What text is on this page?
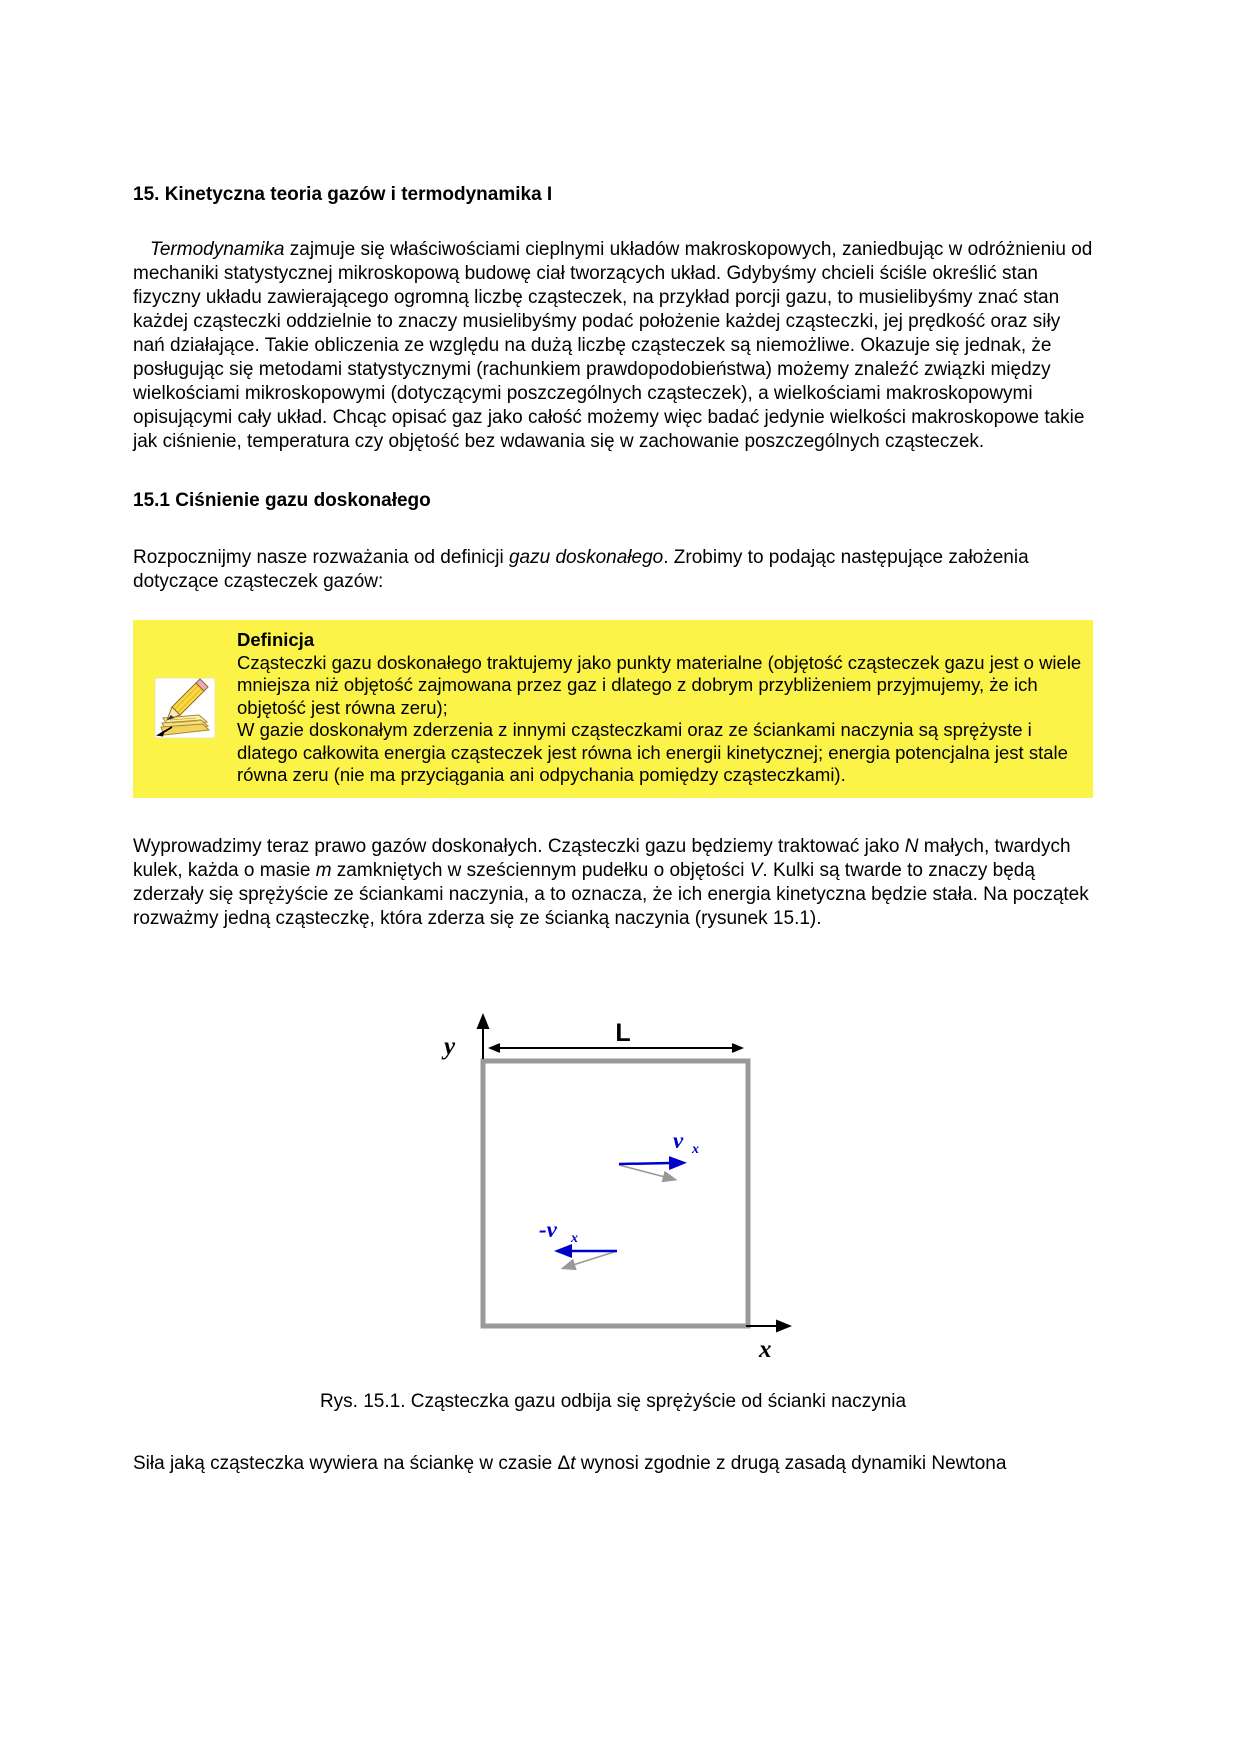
15. Kinetyczna teoria gazów i termodynamika I

Termodynamika zajmuje się właściwościami cieplnymi układów makroskopowych, zaniedbując w odróżnieniu od mechaniki statystycznej mikroskopową budowę ciał tworzących układ. Gdybyśmy chcieli ściśle określić stan fizyczny układu zawierającego ogromną liczbę cząsteczek, na przykład porcji gazu, to musielibyśmy znać stan każdej cząsteczki oddzielnie to znaczy musielibyśmy podać położenie każdej cząsteczki, jej prędkość oraz siły nań działające. Takie obliczenia ze względu na dużą liczbę cząsteczek są niemożliwe. Okazuje się jednak, że posługując się metodami statystycznymi (rachunkiem prawdopodobieństwa) możemy znaleźć związki między wielkościami mikroskopowymi (dotyczącymi poszczególnych cząsteczek), a wielkościami makroskopowymi opisującymi cały układ. Chcąc opisać gaz jako całość możemy więc badać jedynie wielkości makroskopowe takie jak ciśnienie, temperatura czy objętość bez wdawania się w zachowanie poszczególnych cząsteczek.

15.1 Ciśnienie gazu doskonałego

Rozpocznijmy nasze rozważania od definicji gazu doskonałego. Zrobimy to podając następujące założenia dotyczące cząsteczek gazów:

Definicja
Cząsteczki gazu doskonałego traktujemy jako punkty materialne (objętość cząsteczek gazu jest o wiele mniejsza niż objętość zajmowana przez gaz i dlatego z dobrym przybliżeniem przyjmujemy, że ich objętość jest równa zeru);
W gazie doskonałym zderzenia z innymi cząsteczkami oraz ze ściankami naczynia są sprężyste i dlatego całkowita energia cząsteczek jest równa ich energii kinetycznej; energia potencjalna jest stale równa zeru (nie ma przyciągania ani odpychania pomiędzy cząsteczkami).

Wyprowadzimy teraz prawo gazów doskonałych. Cząsteczki gazu będziemy traktować jako N małych, twardych kulek, każda o masie m zamkniętych w sześciennym pudełku o objętości V. Kulki są twarde to znaczy będą zderzały się sprężyście ze ściankami naczynia, a to oznacza, że ich energia kinetyczna będzie stała. Na początek rozważmy jedną cząsteczkę, która zderza się ze ścianką naczynia (rysunek 15.1).

y	L
x
v x
-v x

Rys. 15.1. Cząsteczka gazu odbija się sprężyście od ścianki naczynia

Siła jaką cząsteczka wywiera na ściankę w czasie Δt wynosi zgodnie z drugą zasadą dynamiki Newtona
